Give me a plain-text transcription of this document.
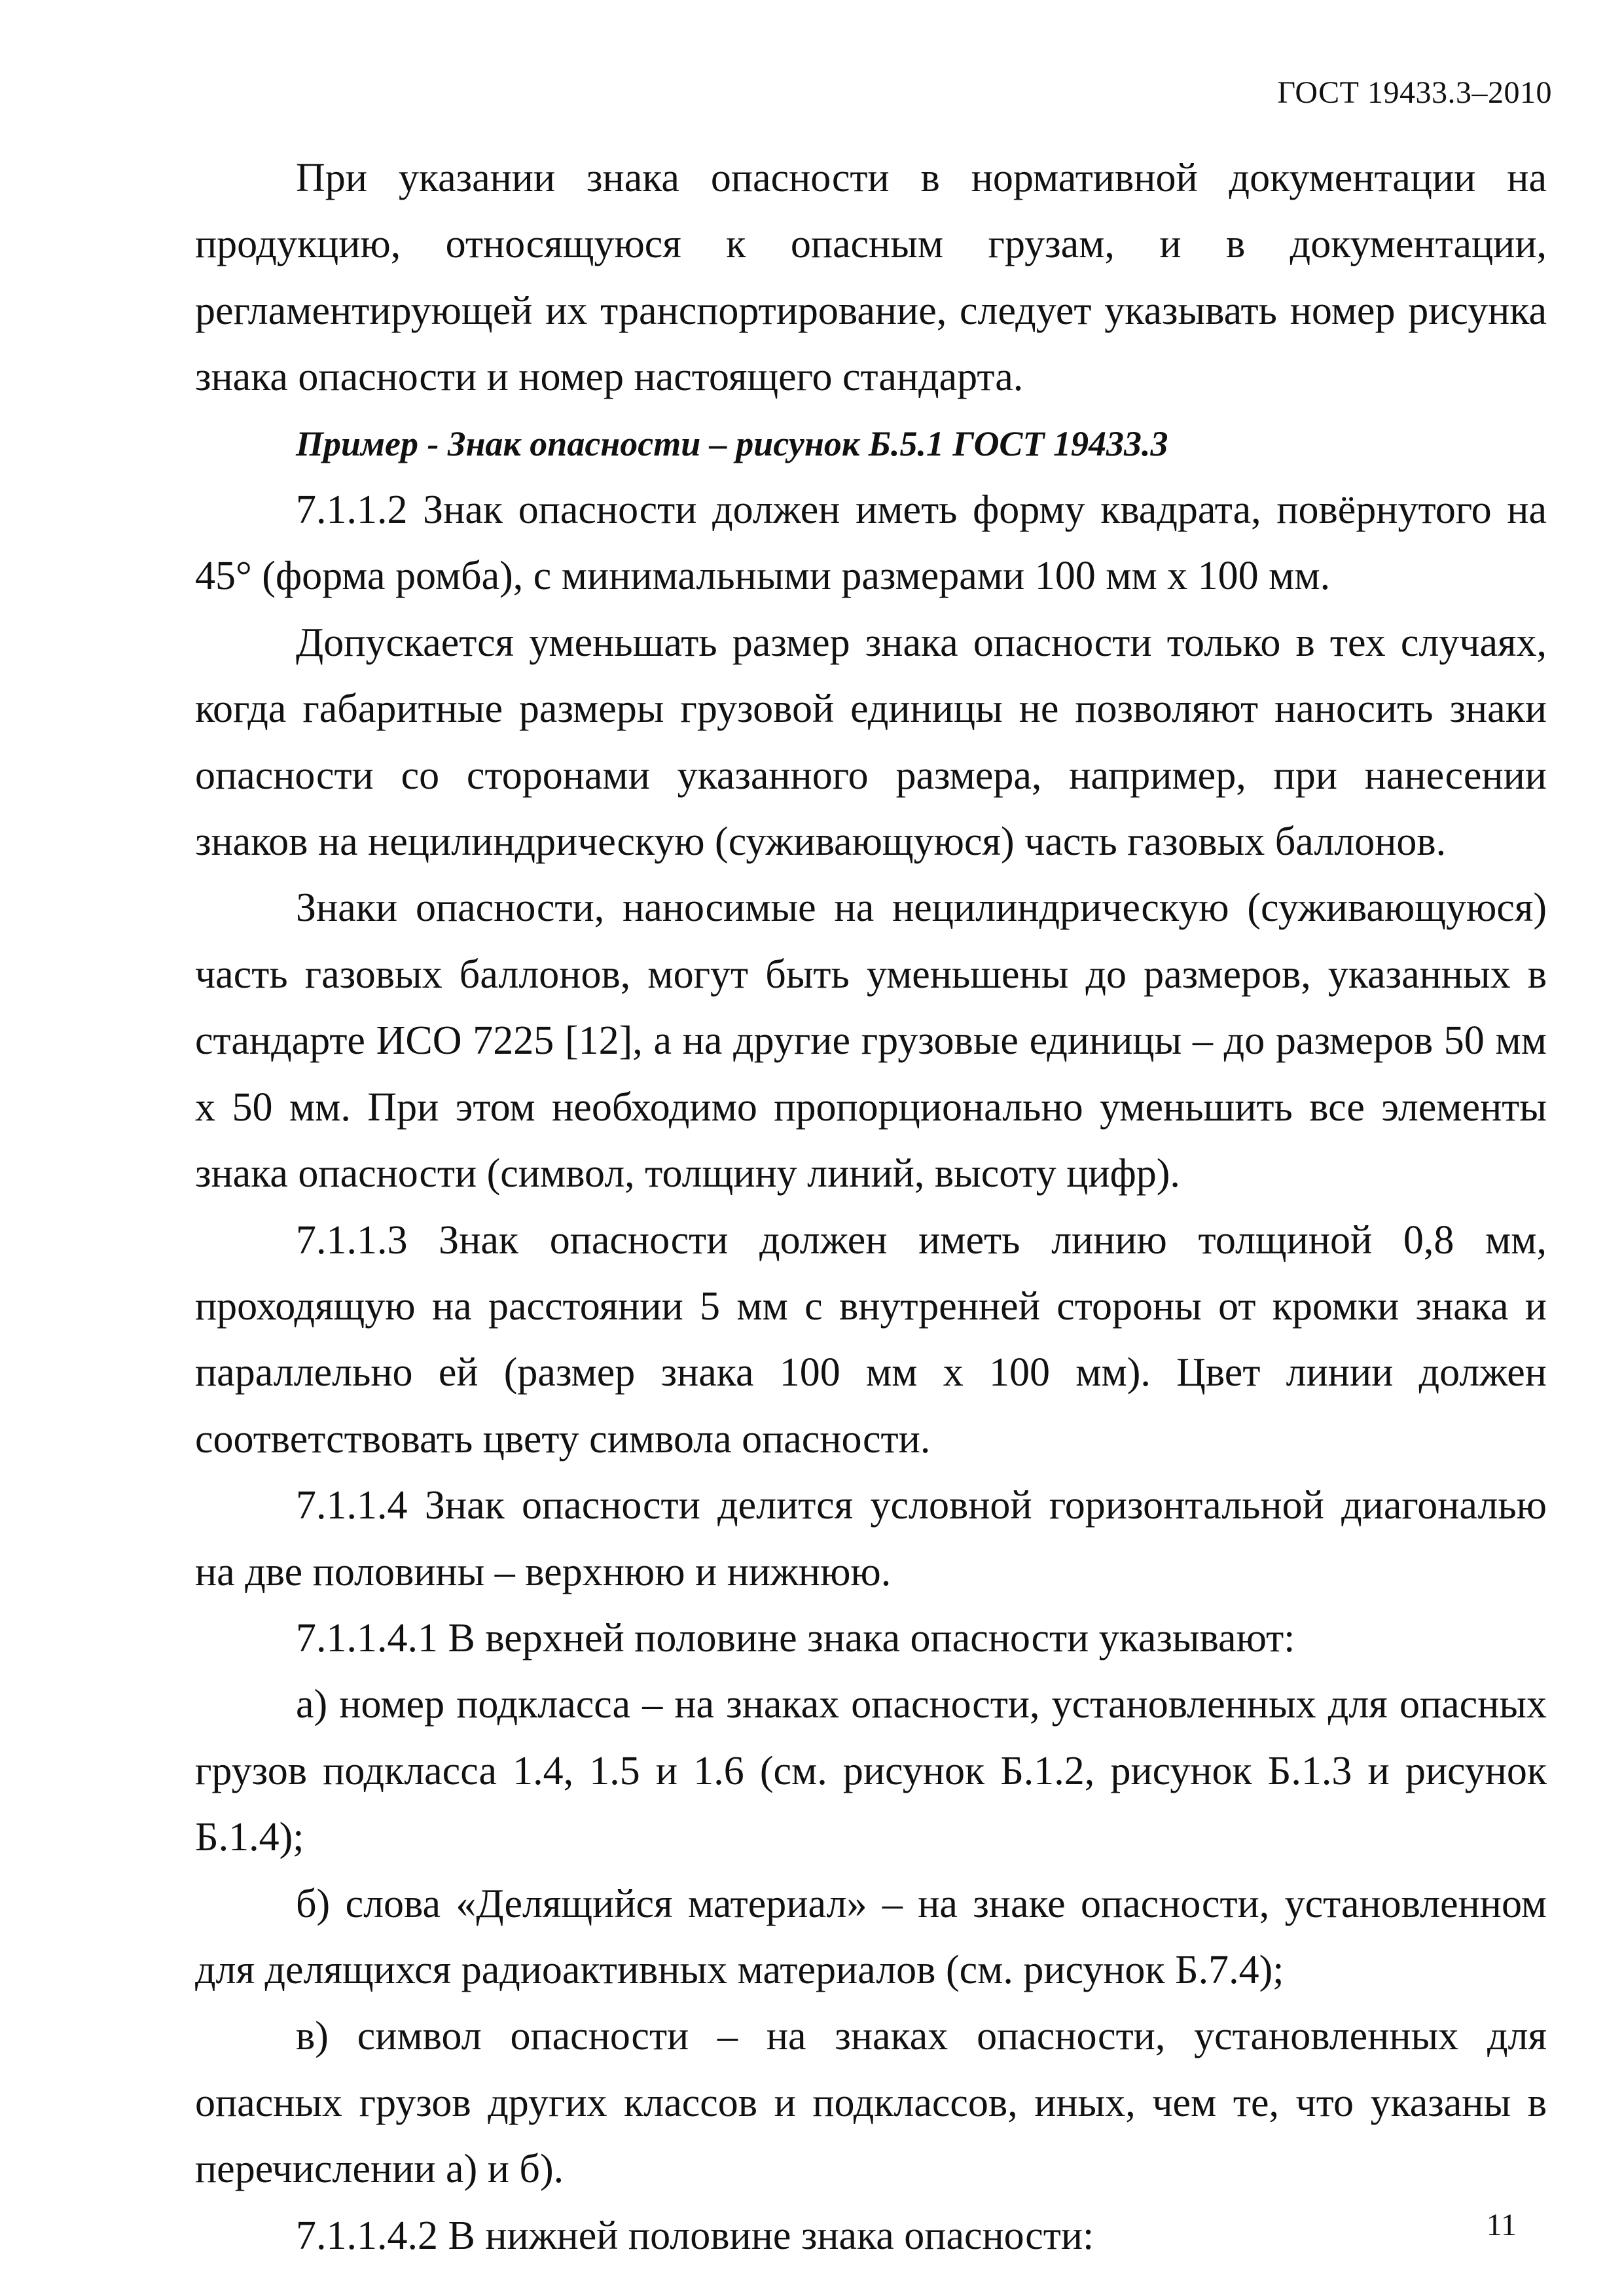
ГОСТ 19433.3–2010

При указании знака опасности в нормативной документации на продукцию, относящуюся к опасным грузам, и в документации, регламентирующей их транспортирование, следует указывать номер рисунка знака опасности и номер настоящего стандарта.

Пример - Знак опасности – рисунок Б.5.1 ГОСТ 19433.3

7.1.1.2 Знак опасности должен иметь форму квадрата, повёрнутого на 45° (форма ромба), с минимальными размерами 100 мм х 100 мм.

Допускается уменьшать размер знака опасности только в тех случаях, когда габаритные размеры грузовой единицы не позволяют наносить знаки опасности со сторонами указанного размера, например, при нанесении знаков на нецилиндрическую (суживающуюся) часть газовых баллонов.

Знаки опасности, наносимые на нецилиндрическую (суживающуюся) часть газовых баллонов, могут быть уменьшены до размеров, указанных в стандарте ИСО 7225 [12], а на другие грузовые единицы – до размеров 50 мм х 50 мм. При этом необходимо пропорционально уменьшить все элементы знака опасности (символ, толщину линий, высоту цифр).

7.1.1.3 Знак опасности должен иметь линию толщиной 0,8 мм, проходящую на расстоянии 5 мм с внутренней стороны от кромки знака и параллельно ей (размер знака 100 мм х 100 мм). Цвет линии должен соответствовать цвету символа опасности.

7.1.1.4 Знак опасности делится условной горизонтальной диагональю на две половины – верхнюю и нижнюю.

7.1.1.4.1 В верхней половине знака опасности указывают:

а) номер подкласса – на знаках опасности, установленных для опасных грузов подкласса 1.4, 1.5 и 1.6 (см. рисунок Б.1.2, рисунок Б.1.3 и рисунок Б.1.4);

б) слова «Делящийся материал» – на знаке опасности, установленном для делящихся радиоактивных материалов (см. рисунок Б.7.4);

в) символ опасности – на знаках опасности, установленных для опасных грузов других классов и подклассов, иных, чем те, что указаны в перечислении а) и б).

7.1.1.4.2 В нижней половине знака опасности:	11
